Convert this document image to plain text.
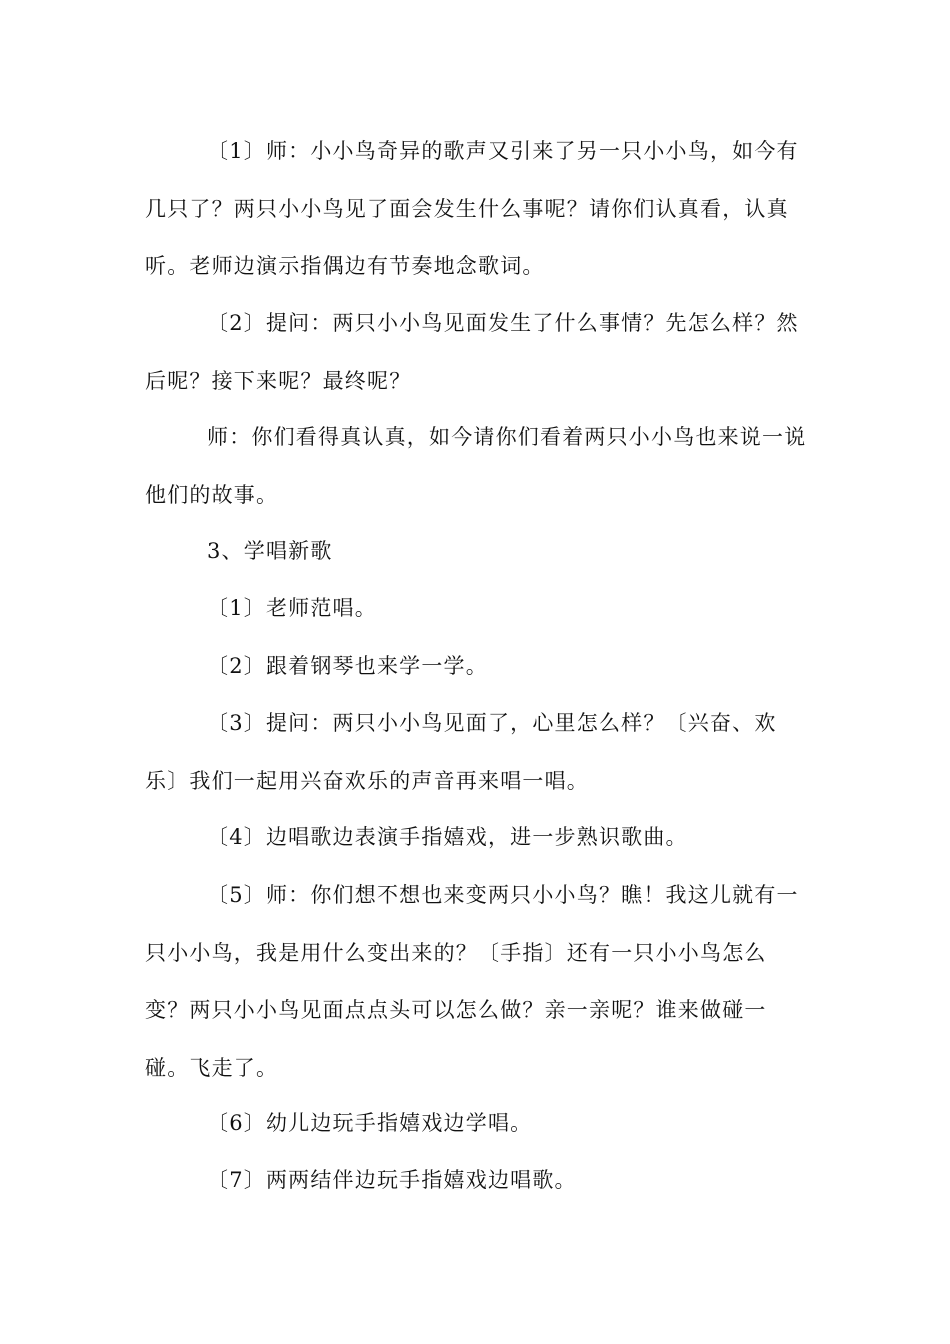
〔1〕师：小小鸟奇异的歌声又引来了另一只小小鸟，如今有几只了？两只小小鸟见了面会发生什么事呢？请你们认真看，认真听。老师边演示指偶边有节奏地念歌词。

〔2〕提问：两只小小鸟见面发生了什么事情？先怎么样？然后呢？接下来呢？最终呢？

师：你们看得真认真，如今请你们看着两只小小鸟也来说一说他们的故事。

3、学唱新歌

〔1〕老师范唱。

〔2〕跟着钢琴也来学一学。

〔3〕提问：两只小小鸟见面了，心里怎么样？〔兴奋、欢乐〕我们一起用兴奋欢乐的声音再来唱一唱。

〔4〕边唱歌边表演手指嬉戏，进一步熟识歌曲。

〔5〕师：你们想不想也来变两只小小鸟？瞧！我这儿就有一只小小鸟，我是用什么变出来的？〔手指〕还有一只小小鸟怎么变？两只小小鸟见面点点头可以怎么做？亲一亲呢？谁来做碰一碰。飞走了。

〔6〕幼儿边玩手指嬉戏边学唱。

〔7〕两两结伴边玩手指嬉戏边唱歌。
